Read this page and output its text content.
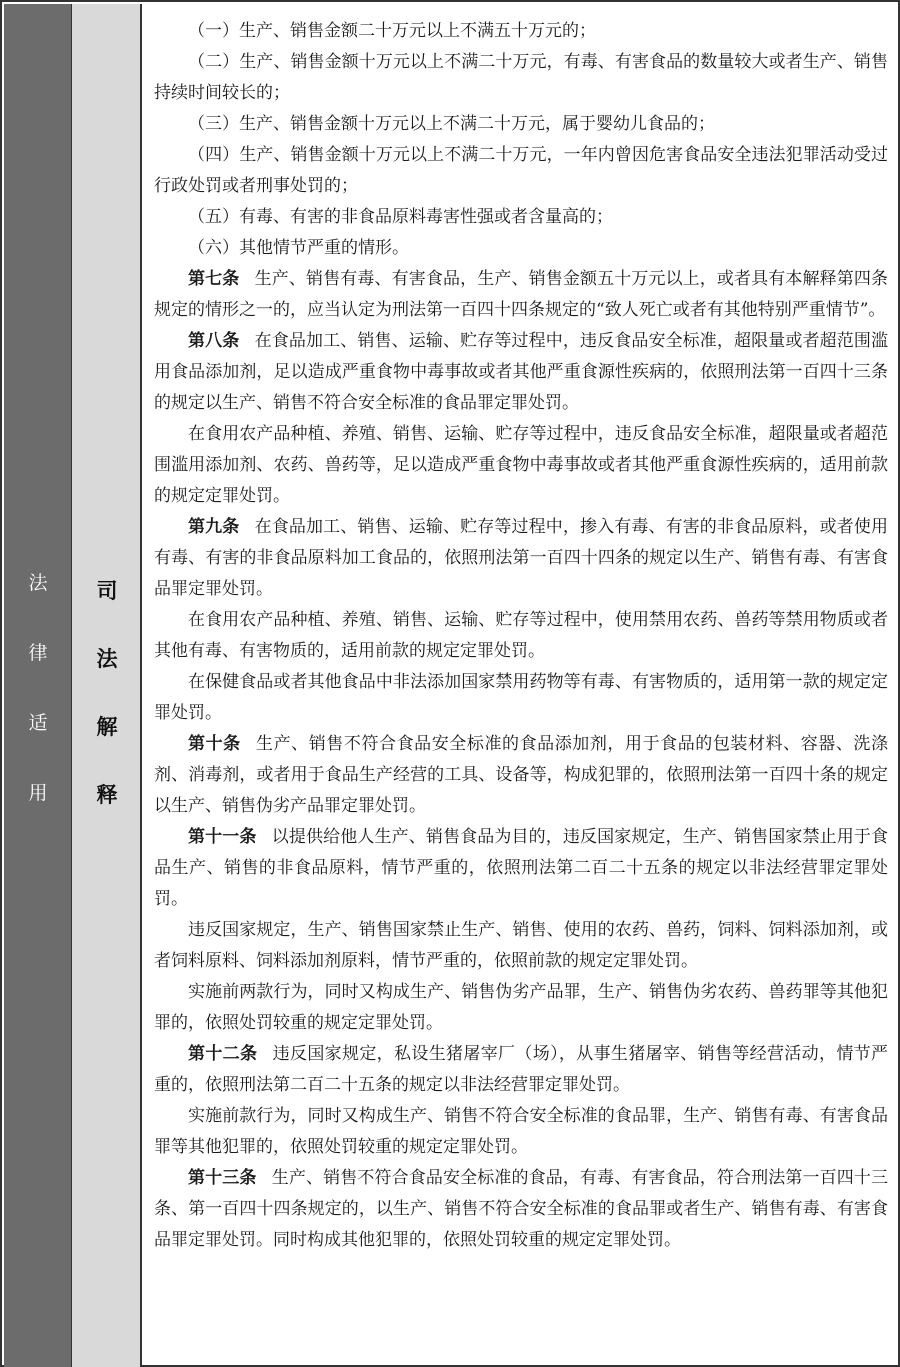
法
律
适
用
司
法
解
释

（一）生产、销售金额二十万元以上不满五十万元的；

（二）生产、销售金额十万元以上不满二十万元，有毒、有害食品的数量较大或者生产、销售持续时间较长的；

（三）生产、销售金额十万元以上不满二十万元，属于婴幼儿食品的；

（四）生产、销售金额十万元以上不满二十万元，一年内曾因危害食品安全违法犯罪活动受过行政处罚或者刑事处罚的；

（五）有毒、有害的非食品原料毒害性强或者含量高的；

（六）其他情节严重的情形。

第七条 生产、销售有毒、有害食品，生产、销售金额五十万元以上，或者具有本解释第四条规定的情形之一的，应当认定为刑法第一百四十四条规定的“致人死亡或者有其他特别严重情节”。

第八条 在食品加工、销售、运输、贮存等过程中，违反食品安全标准，超限量或者超范围滥用食品添加剂，足以造成严重食物中毒事故或者其他严重食源性疾病的，依照刑法第一百四十三条的规定以生产、销售不符合安全标准的食品罪定罪处罚。

在食用农产品种植、养殖、销售、运输、贮存等过程中，违反食品安全标准，超限量或者超范围滥用添加剂、农药、兽药等，足以造成严重食物中毒事故或者其他严重食源性疾病的，适用前款的规定定罪处罚。

第九条 在食品加工、销售、运输、贮存等过程中，掺入有毒、有害的非食品原料，或者使用有毒、有害的非食品原料加工食品的，依照刑法第一百四十四条的规定以生产、销售有毒、有害食品罪定罪处罚。

在食用农产品种植、养殖、销售、运输、贮存等过程中，使用禁用农药、兽药等禁用物质或者其他有毒、有害物质的，适用前款的规定定罪处罚。

在保健食品或者其他食品中非法添加国家禁用药物等有毒、有害物质的，适用第一款的规定定罪处罚。

第十条 生产、销售不符合食品安全标准的食品添加剂，用于食品的包装材料、容器、洗涤剂、消毒剂，或者用于食品生产经营的工具、设备等，构成犯罪的，依照刑法第一百四十条的规定以生产、销售伪劣产品罪定罪处罚。

第十一条 以提供给他人生产、销售食品为目的，违反国家规定，生产、销售国家禁止用于食品生产、销售的非食品原料，情节严重的，依照刑法第二百二十五条的规定以非法经营罪定罪处罚。

违反国家规定，生产、销售国家禁止生产、销售、使用的农药、兽药，饲料、饲料添加剂，或者饲料原料、饲料添加剂原料，情节严重的，依照前款的规定定罪处罚。

实施前两款行为，同时又构成生产、销售伪劣产品罪，生产、销售伪劣农药、兽药罪等其他犯罪的，依照处罚较重的规定定罪处罚。

第十二条 违反国家规定，私设生猪屠宰厂（场），从事生猪屠宰、销售等经营活动，情节严重的，依照刑法第二百二十五条的规定以非法经营罪定罪处罚。

实施前款行为，同时又构成生产、销售不符合安全标准的食品罪，生产、销售有毒、有害食品罪等其他犯罪的，依照处罚较重的规定定罪处罚。

第十三条 生产、销售不符合食品安全标准的食品，有毒、有害食品，符合刑法第一百四十三条、第一百四十四条规定的，以生产、销售不符合安全标准的食品罪或者生产、销售有毒、有害食品罪定罪处罚。同时构成其他犯罪的，依照处罚较重的规定定罪处罚。
